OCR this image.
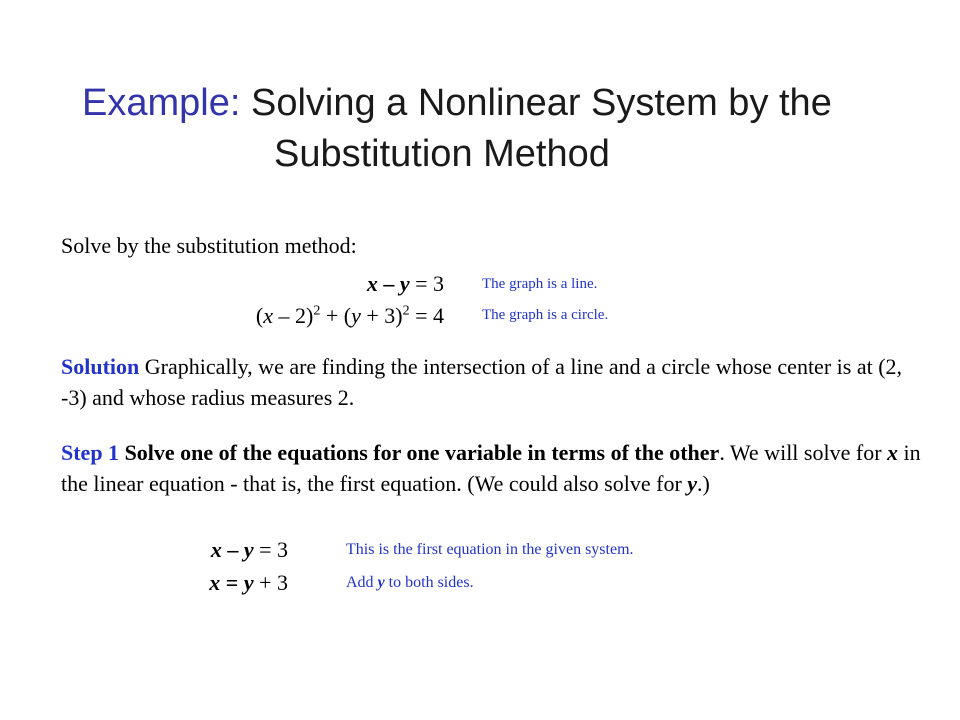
Example: Solving a Nonlinear System by the
Substitution Method
Solve by the substitution method:
x – y = 3	The graph is a line.
$(x - 2)^2 + (y + 3)^2 = 4$	The graph is a circle.
Solution Graphically, we are finding the intersection of a line and a circle whose center is at (2, -3) and whose radius measures 2.
Step 1 Solve one of the equations for one variable in terms of the other. We will solve for x in the linear equation - that is, the first equation. (We could also solve for y.)
x – y = 3	This is the first equation in the given system.
x = y + 3	Add y to both sides.
